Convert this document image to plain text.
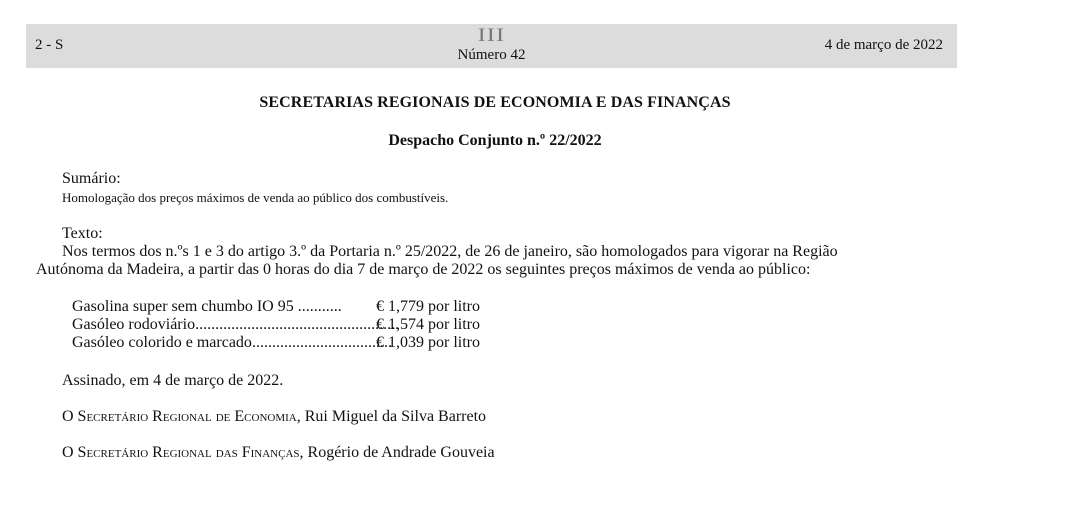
2 - S	III
Número 42
4 de março de 2022
SECRETARIAS REGIONAIS DE ECONOMIA E DAS FINANÇAS
Despacho Conjunto n.º 22/2022
Sumário:
Homologação dos preços máximos de venda ao público dos combustíveis.
Texto:
Nos termos dos n.ºs 1 e 3 do artigo 3.º da Portaria n.º 25/2022, de 26 de janeiro, são homologados para vigorar na Região
Autónoma da Madeira, a partir das 0 horas do dia 7 de março de 2022 os seguintes preços máximos de venda ao público:
Gasolina super sem chumbo IO 95 ........... € 1,779 por litro
Gasóleo rodoviário...................................................€ 1,574 por litro
Gasóleo colorido e marcado...................................€ 1,039 por litro
Assinado, em 4 de março de 2022.
O Secretário Regional de Economia, Rui Miguel da Silva Barreto
O Secretário Regional das Finanças, Rogério de Andrade Gouveia
